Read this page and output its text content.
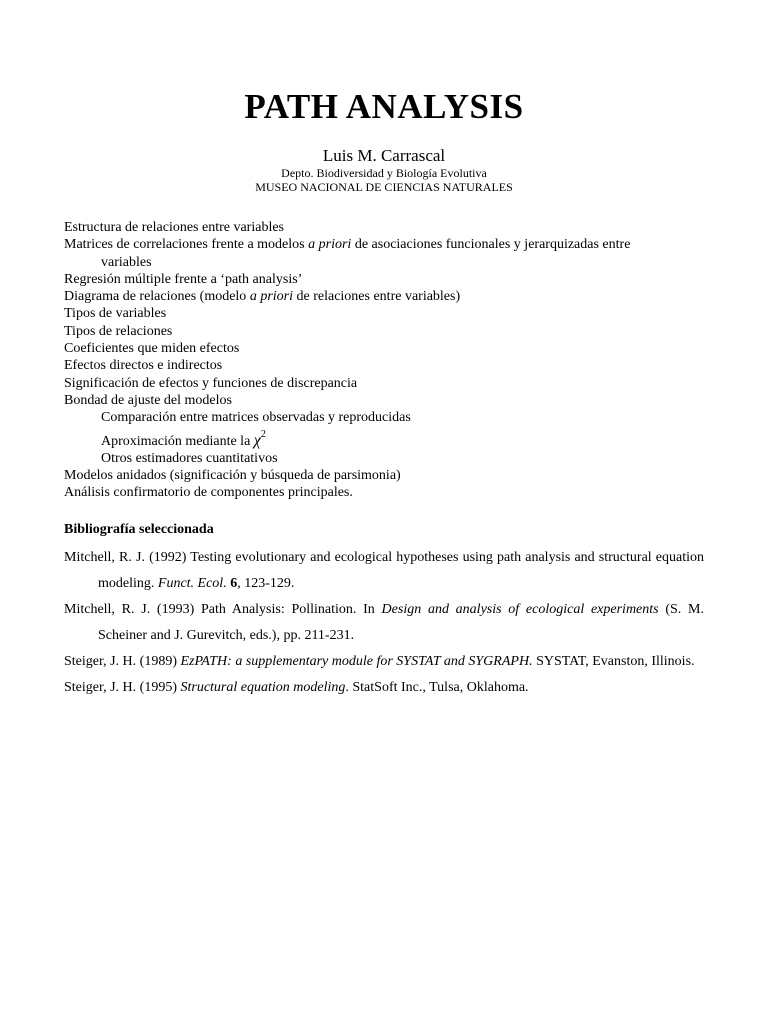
PATH ANALYSIS
Luis M. Carrascal
Depto. Biodiversidad y Biología Evolutiva
MUSEO NACIONAL DE CIENCIAS NATURALES
Estructura de relaciones entre variables
Matrices de correlaciones frente a modelos a priori de asociaciones funcionales y jerarquizadas entre
variables
Regresión múltiple frente a ‘path analysis’
Diagrama de relaciones (modelo a priori de relaciones entre variables)
Tipos de variables
Tipos de relaciones
Coeficientes que miden efectos
Efectos directos e indirectos
Significación de efectos y funciones de discrepancia
Bondad de ajuste del modelos
Comparación entre matrices observadas y reproducidas
Aproximación mediante la $\chi^2$
Otros estimadores cuantitativos
Modelos anidados (significación y búsqueda de parsimonia)
Análisis confirmatorio de componentes principales.
Bibliografía seleccionada

Mitchell, R. J. (1992) Testing evolutionary and ecological hypotheses using path analysis and structural equation modeling. Funct. Ecol. 6, 123-129.

Mitchell, R. J. (1993) Path Analysis: Pollination. In Design and analysis of ecological experiments (S. M. Scheiner and J. Gurevitch, eds.), pp. 211-231.

Steiger, J. H. (1989) EzPATH: a supplementary module for SYSTAT and SYGRAPH. SYSTAT, Evanston, Illinois.

Steiger, J. H. (1995) Structural equation modeling. StatSoft Inc., Tulsa, Oklahoma.
